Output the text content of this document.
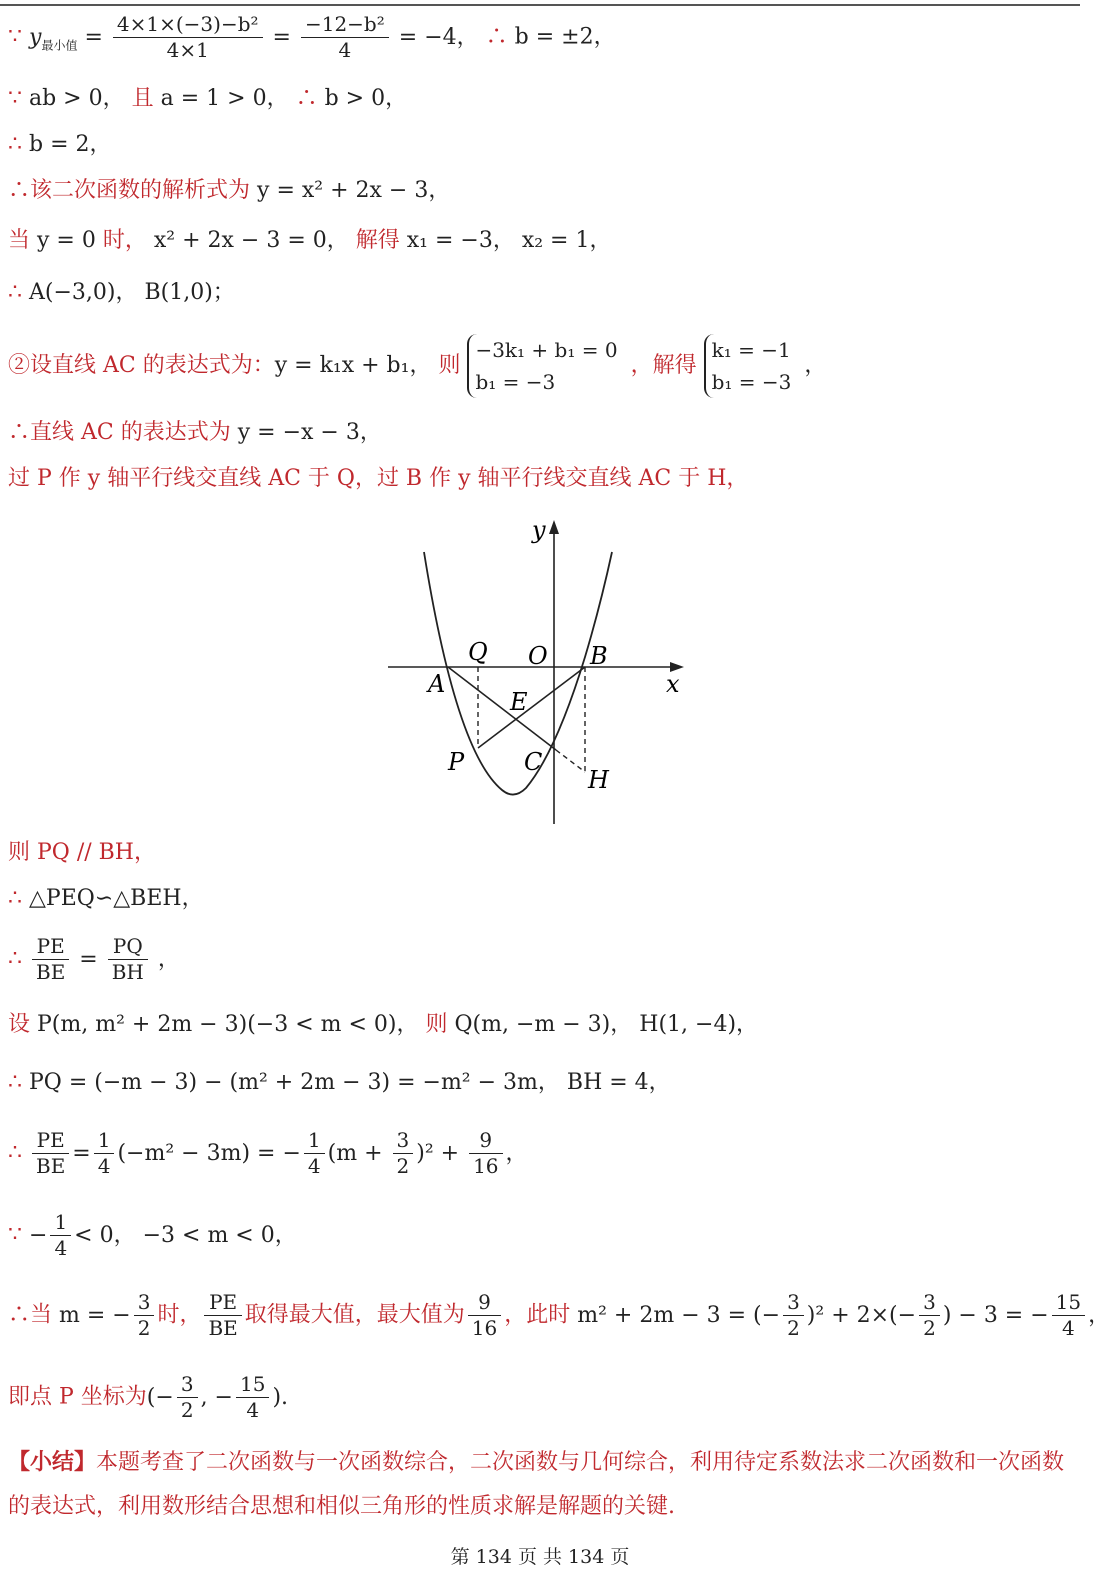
∵ $y_{最小值} = \frac{\text{4×1×(−3)−b²}}{4\times 1} = \frac{\text{−12−b²}}{4} = -4$， ∴ b = ±2，
∵ ab > 0， 且 a = 1 > 0， ∴ b > 0，
∴ b = 2，
∴该二次函数的解析式为 y = x² + 2x − 3，
当 y = 0 时， x² + 2x − 3 = 0， 解得 x₁ = −3， x₂ = 1，
∴ A(−3,0)， B(1,0)；
②设直线 AC 的表达式为：y = k₁x + b₁， 则
−3k₁ + b₁ = 0
b₁ = −3
，解得
k₁ = −1
b₁ = −3
，
∴直线 AC 的表达式为 y = −x − 3，
过 P 作 y 轴平行线交直线 AC 于 Q，过 B 作 y 轴平行线交直线 AC 于 H，
y
x
O
A
B
Q
E
P C
H
则 PQ // BH，
∴ △PEQ∽△BEH，
∴ $\frac{PE}{BE} = \frac{PQ}{BH}$ ，
设 P(m, m² + 2m − 3)(−3 < m < 0)， 则 Q(m, −m − 3)， H(1, −4)，
∴ PQ = (−m − 3) − (m² + 2m − 3) = −m² − 3m， BH = 4，
∴ $\frac{PE}{BE} = \frac{1}{4} (-m^2 - 3m)$ = − $\frac{1}{4} (m + \frac{3}{2} )^2 + \frac{9}{16}$ ，
∵ − $\frac{1}{4} < 0$， −3 < m < 0，
∴当 m = − $\frac{3}{2}$ 时， $\frac{PE}{BE}$ 取得最大值，最大值为 $\frac{9}{16}$ ，此时 m² + 2m − 3 = (− $\frac{3}{2} )^2 + 2\times(- \frac{3}{2}$ ) − 3 = − $\frac{15}{4}$ ，
即点 P 坐标为(− $\frac{3}{2}$ , − $\frac{15}{4}$ ).
【小结】本题考查了二次函数与一次函数综合，二次函数与几何综合，利用待定系数法求二次函数和一次函数的表达式，利用数形结合思想和相似三角形的性质求解是解题的关键.
第 134 页 共 134 页
